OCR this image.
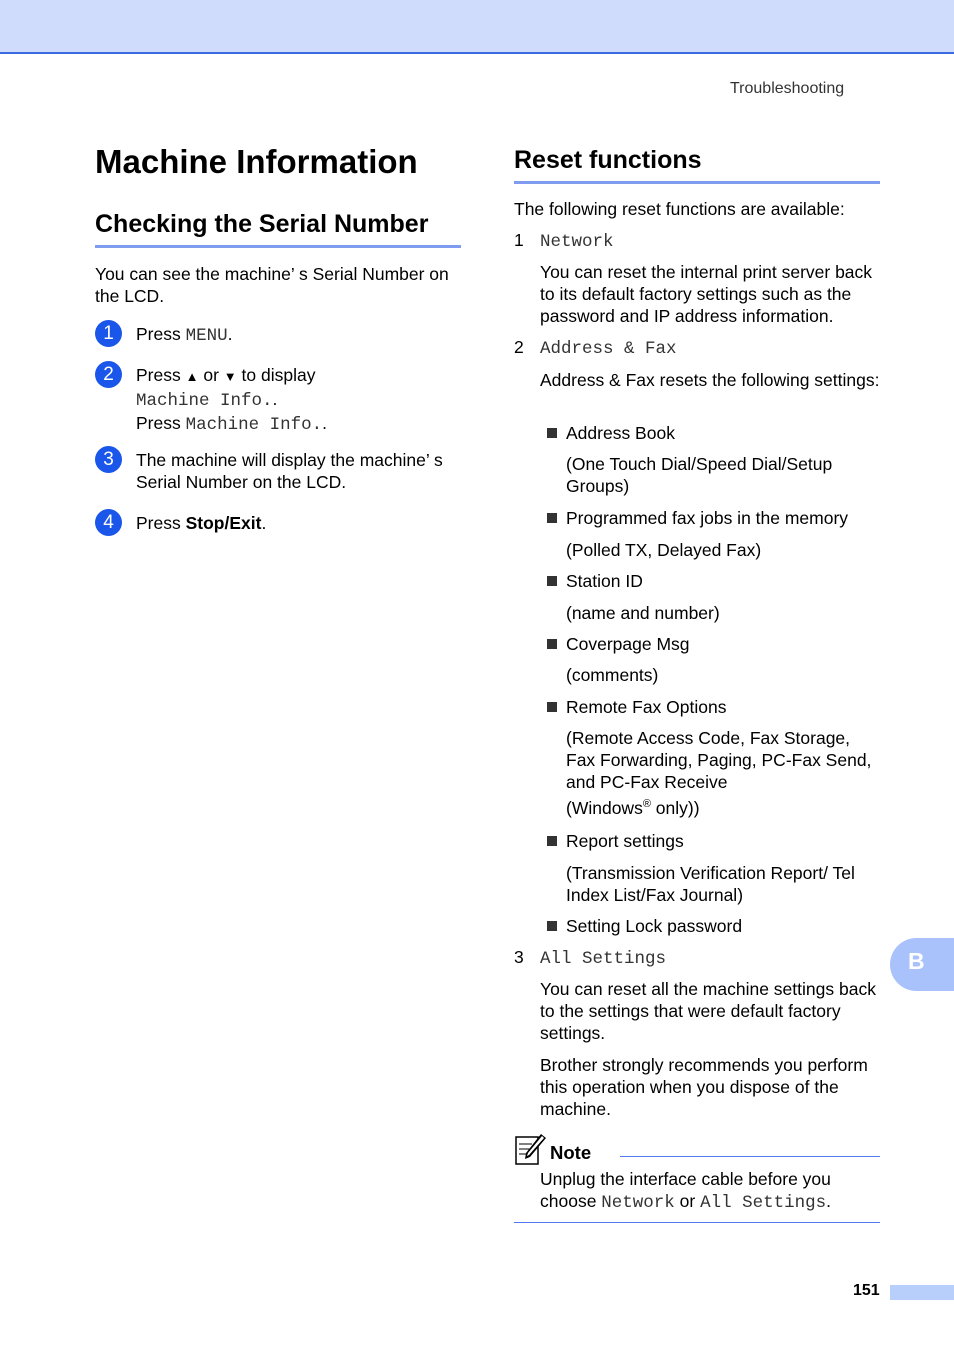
Troubleshooting
Machine Information
Checking the Serial Number
You can see the machine’ s Serial Number on the LCD.
1	Press MENU.
2	Press ▲ or ▼ to display
Machine Info..
Press Machine Info..
3	The machine will display the machine’ s Serial Number on the LCD.
4	Press Stop/Exit.
Reset functions
The following reset functions are available:
1 Network
You can reset the internal print server back to its default factory settings such as the password and IP address information.
2 Address & Fax
Address & Fax resets the following settings:
Address Book
(One Touch Dial/Speed Dial/Setup Groups)
Programmed fax jobs in the memory
(Polled TX, Delayed Fax)
Station ID
(name and number)
Coverpage Msg
(comments)
Remote Fax Options
(Remote Access Code, Fax Storage, Fax Forwarding, Paging, PC-Fax Send, and PC-Fax Receive
(Windows® only))
Report settings
(Transmission Verification Report/ Tel Index List/Fax Journal)
Setting Lock password
3 All Settings
You can reset all the machine settings back to the settings that were default factory settings.
Brother strongly recommends you perform this operation when you dispose of the machine.
Note
Unplug the interface cable before you choose Network or All Settings.
B
151
